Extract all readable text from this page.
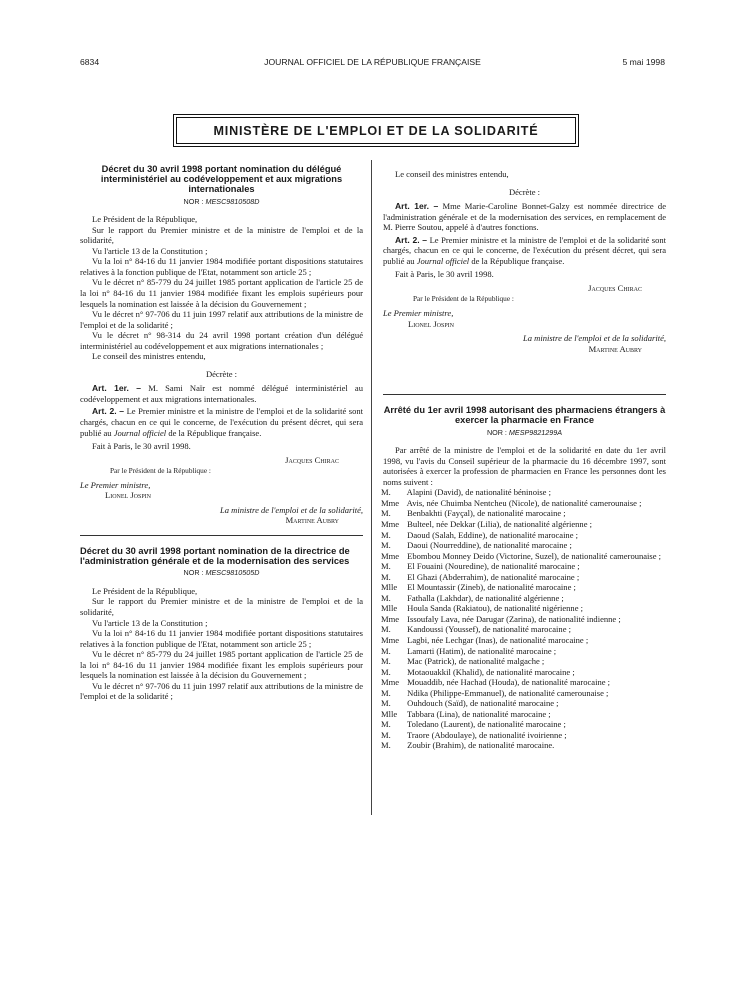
6834	JOURNAL OFFICIEL DE LA RÉPUBLIQUE FRANÇAISE	5 mai 1998
MINISTÈRE DE L'EMPLOI ET DE LA SOLIDARITÉ

Décret du 30 avril 1998 portant nomination du délégué interministériel au codéveloppement et aux migrations internationales

NOR : MESC9810508D

Le Président de la République,

Sur le rapport du Premier ministre et de la ministre de l'emploi et de la solidarité,

Vu l'article 13 de la Constitution ;

Vu la loi n° 84-16 du 11 janvier 1984 modifiée portant dispositions statutaires relatives à la fonction publique de l'Etat, notamment son article 25 ;

Vu le décret n° 85-779 du 24 juillet 1985 portant application de l'article 25 de la loi n° 84-16 du 11 janvier 1984 modifiée fixant les emplois supérieurs pour lesquels la nomination est laissée à la décision du Gouvernement ;

Vu le décret n° 97-706 du 11 juin 1997 relatif aux attributions de la ministre de l'emploi et de la solidarité ;

Vu le décret n° 98-314 du 24 avril 1998 portant création d'un délégué interministériel au codéveloppement et aux migrations internationales ;

Le conseil des ministres entendu,

Décrète :

Art. 1er. – M. Sami Naïr est nommé délégué interministériel au codéveloppement et aux migrations internationales.

Art. 2. – Le Premier ministre et la ministre de l'emploi et de la solidarité sont chargés, chacun en ce qui le concerne, de l'exécution du présent décret, qui sera publié au Journal officiel de la République française.

Fait à Paris, le 30 avril 1998.

Jacques Chirac

Par le Président de la République :

Le Premier ministre,

Lionel Jospin

La ministre de l'emploi et de la solidarité,

Martine Aubry

Décret du 30 avril 1998 portant nomination de la directrice de l'administration générale et de la modernisation des services

NOR : MESC9810505D

Le Président de la République,

Sur le rapport du Premier ministre et de la ministre de l'emploi et de la solidarité,

Vu l'article 13 de la Constitution ;

Vu la loi n° 84-16 du 11 janvier 1984 modifiée portant dispositions statutaires relatives à la fonction publique de l'Etat, notamment son article 25 ;

Vu le décret n° 85-779 du 24 juillet 1985 portant application de l'article 25 de la loi n° 84-16 du 11 janvier 1984 modifiée fixant les emplois supérieurs pour lesquels la nomination est laissée à la décision du Gouvernement ;

Vu le décret n° 97-706 du 11 juin 1997 relatif aux attributions de la ministre de l'emploi et de la solidarité ;

Le conseil des ministres entendu,

Décrète :

Art. 1er. – Mme Marie-Caroline Bonnet-Galzy est nommée directrice de l'administration générale et de la modernisation des services, en remplacement de M. Pierre Soutou, appelé à d'autres fonctions.

Art. 2. – Le Premier ministre et la ministre de l'emploi et de la solidarité sont chargés, chacun en ce qui le concerne, de l'exécution du présent décret, qui sera publié au Journal officiel de la République française.

Fait à Paris, le 30 avril 1998.

Jacques Chirac

Par le Président de la République :

Le Premier ministre,

Lionel Jospin

La ministre de l'emploi et de la solidarité,

Martine Aubry

Arrêté du 1er avril 1998 autorisant des pharmaciens étrangers à exercer la pharmacie en France

NOR : MESP9821299A

Par arrêté de la ministre de l'emploi et de la solidarité en date du 1er avril 1998, vu l'avis du Conseil supérieur de la pharmacie du 16 décembre 1997, sont autorisées à exercer la profession de pharmacien en France les personnes dont les noms suivent :

M. Alapini (David), de nationalité béninoise ;

Mme Avis, née Chuimba Nentcheu (Nicole), de nationalité camerounaise ;

M. Benbakhti (Fayçal), de nationalité marocaine ;

Mme Bulteel, née Dekkar (Lilia), de nationalité algérienne ;

M. Daoud (Salah, Eddine), de nationalité marocaine ;

M. Daoui (Nourreddine), de nationalité marocaine ;

Mme Ebombou Monney Deido (Victorine, Suzel), de nationalité camerounaise ;

M. El Fouaini (Nouredine), de nationalité marocaine ;

M. El Ghazi (Abderrahim), de nationalité marocaine ;

Mlle El Mountassir (Zineb), de nationalité marocaine ;

M. Fathalla (Lakhdar), de nationalité algérienne ;

Mlle Houla Sanda (Rakiatou), de nationalité nigérienne ;

Mme Issoufaly Lava, née Darugar (Zarina), de nationalité indienne ;

M. Kandoussi (Youssef), de nationalité marocaine ;

Mme Lagbi, née Lechgar (Inas), de nationalité marocaine ;

M. Lamarti (Hatim), de nationalité marocaine ;

M. Mac (Patrick), de nationalité malgache ;

M. Motaouakkil (Khalid), de nationalité marocaine ;

Mme Mouaddib, née Hachad (Houda), de nationalité marocaine ;

M. Ndika (Philippe-Emmanuel), de nationalité camerounaise ;

M. Ouhdouch (Saïd), de nationalité marocaine ;

Mlle Tabbara (Lina), de nationalité marocaine ;

M. Toledano (Laurent), de nationalité marocaine ;

M. Traore (Abdoulaye), de nationalité ivoirienne ;

M. Zoubir (Brahim), de nationalité marocaine.
